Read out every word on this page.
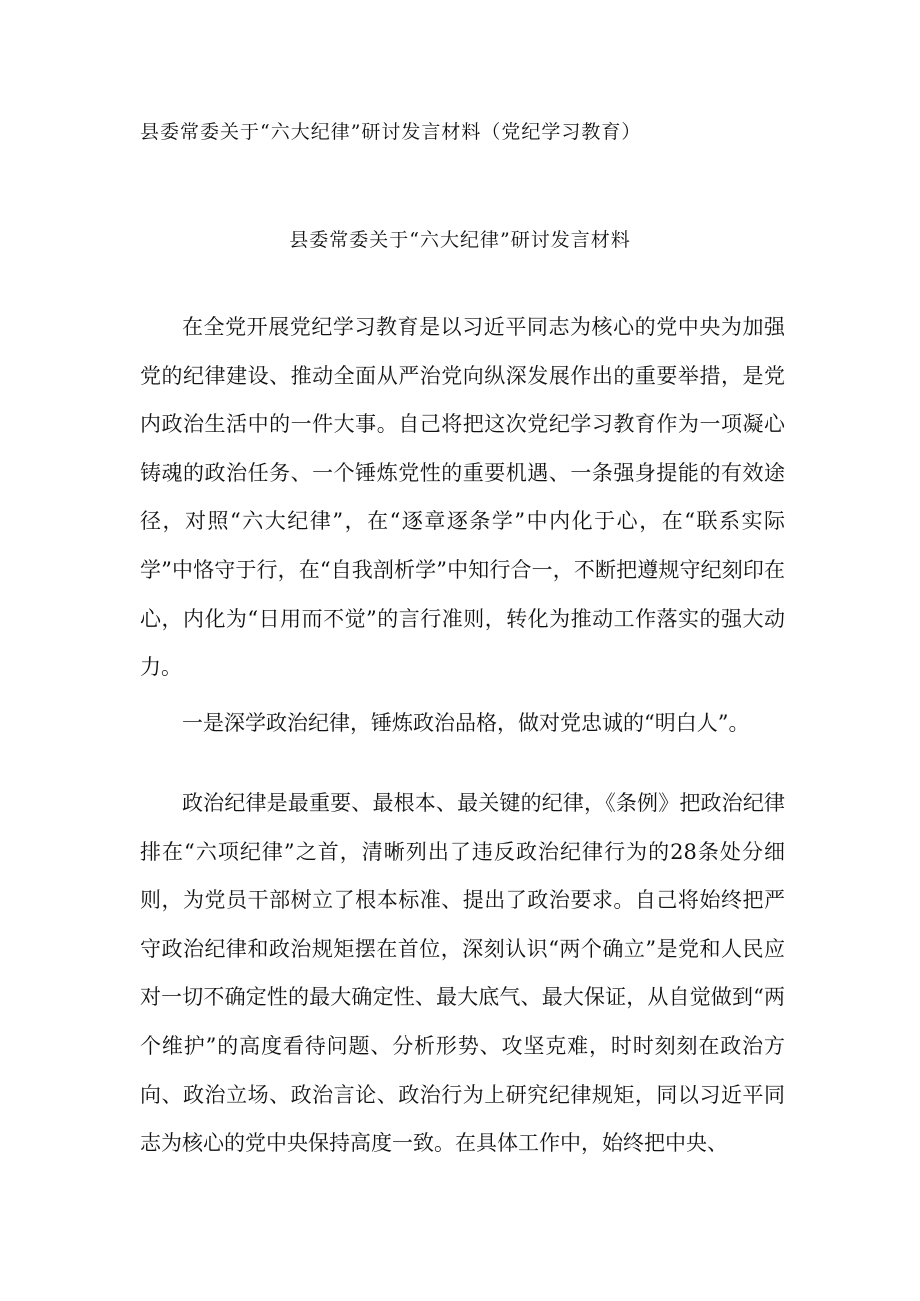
县委常委关于“六大纪律”研讨发言材料（党纪学习教育）
县委常委关于“六大纪律”研讨发言材料

在全党开展党纪学习教育是以习近平同志为核心的党中央为加强党的纪律建设、推动全面从严治党向纵深发展作出的重要举措，是党内政治生活中的一件大事。自己将把这次党纪学习教育作为一项凝心铸魂的政治任务、一个锤炼党性的重要机遇、一条强身提能的有效途径，对照“六大纪律”，在“逐章逐条学”中内化于心，在“联系实际学”中恪守于行，在“自我剖析学”中知行合一，不断把遵规守纪刻印在心，内化为“日用而不觉”的言行准则，转化为推动工作落实的强大动力。

一是深学政治纪律，锤炼政治品格，做对党忠诚的“明白人”。

政治纪律是最重要、最根本、最关键的纪律，《条例》把政治纪律排在“六项纪律”之首，清晰列出了违反政治纪律行为的28条处分细则，为党员干部树立了根本标准、提出了政治要求。自己将始终把严守政治纪律和政治规矩摆在首位，深刻认识“两个确立”是党和人民应对一切不确定性的最大确定性、最大底气、最大保证，从自觉做到“两个维护”的高度看待问题、分析形势、攻坚克难，时时刻刻在政治方向、政治立场、政治言论、政治行为上研究纪律规矩，同以习近平同志为核心的党中央保持高度一致。在具体工作中，始终把中央、
